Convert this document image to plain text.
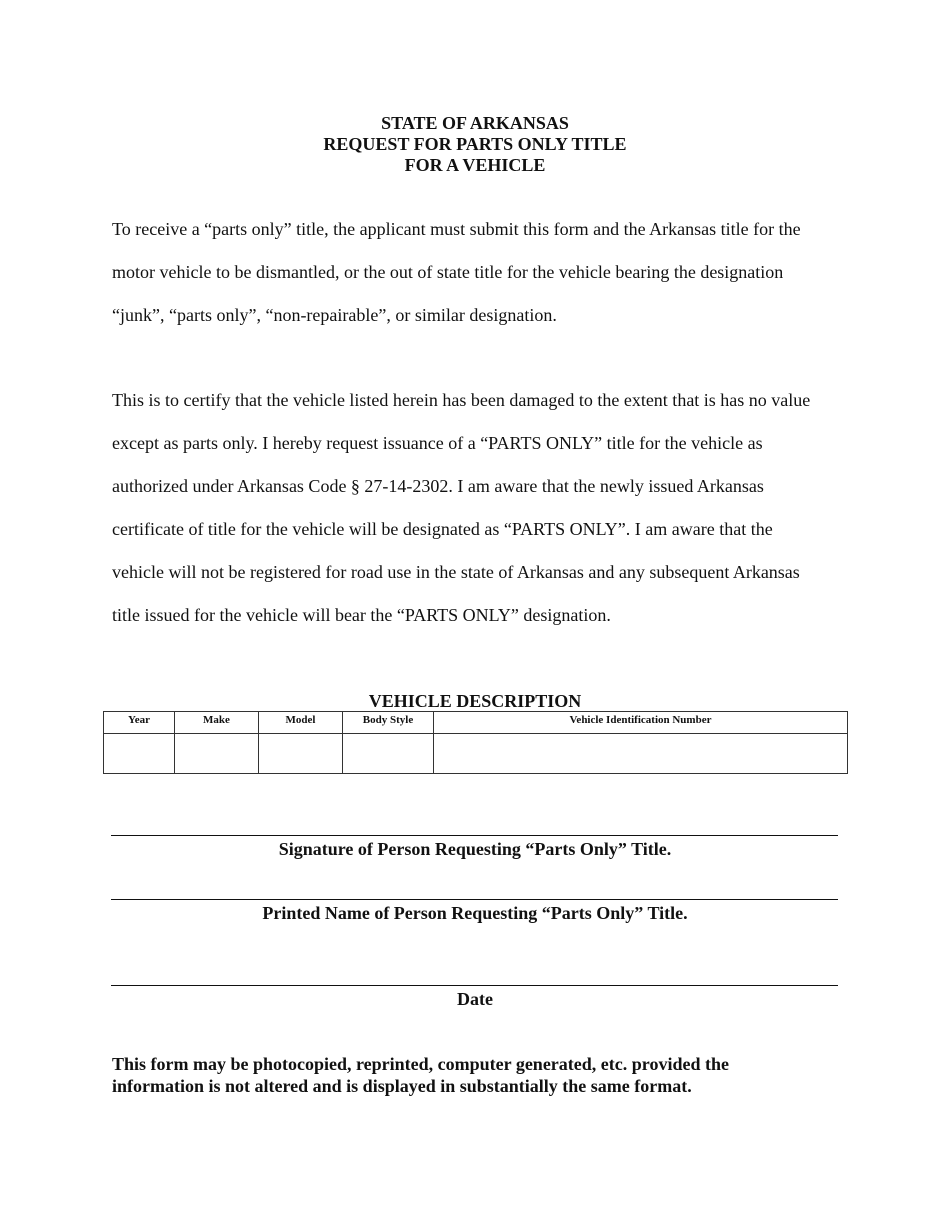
STATE OF ARKANSAS
REQUEST FOR PARTS ONLY TITLE
FOR A VEHICLE
To receive a “parts only” title, the applicant must submit this form and the Arkansas title for the
motor vehicle to be dismantled, or the out of state title for the vehicle bearing the designation
“junk”, “parts only”, “non-repairable”, or similar designation.
This is to certify that the vehicle listed herein has been damaged to the extent that is has no value
except as parts only. I hereby request issuance of a “PARTS ONLY” title for the vehicle as
authorized under Arkansas Code § 27-14-2302. I am aware that the newly issued Arkansas
certificate of title for the vehicle will be designated as “PARTS ONLY”. I am aware that the
vehicle will not be registered for road use in the state of Arkansas and any subsequent Arkansas
title issued for the vehicle will bear the “PARTS ONLY” designation.
VEHICLE DESCRIPTION
Year	Make	Model	Body Style	Vehicle Identification Number

Signature of Person Requesting “Parts Only” Title.
Printed Name of Person Requesting “Parts Only” Title.
Date
This form may be photocopied, reprinted, computer generated, etc. provided the
information is not altered and is displayed in substantially the same format.
